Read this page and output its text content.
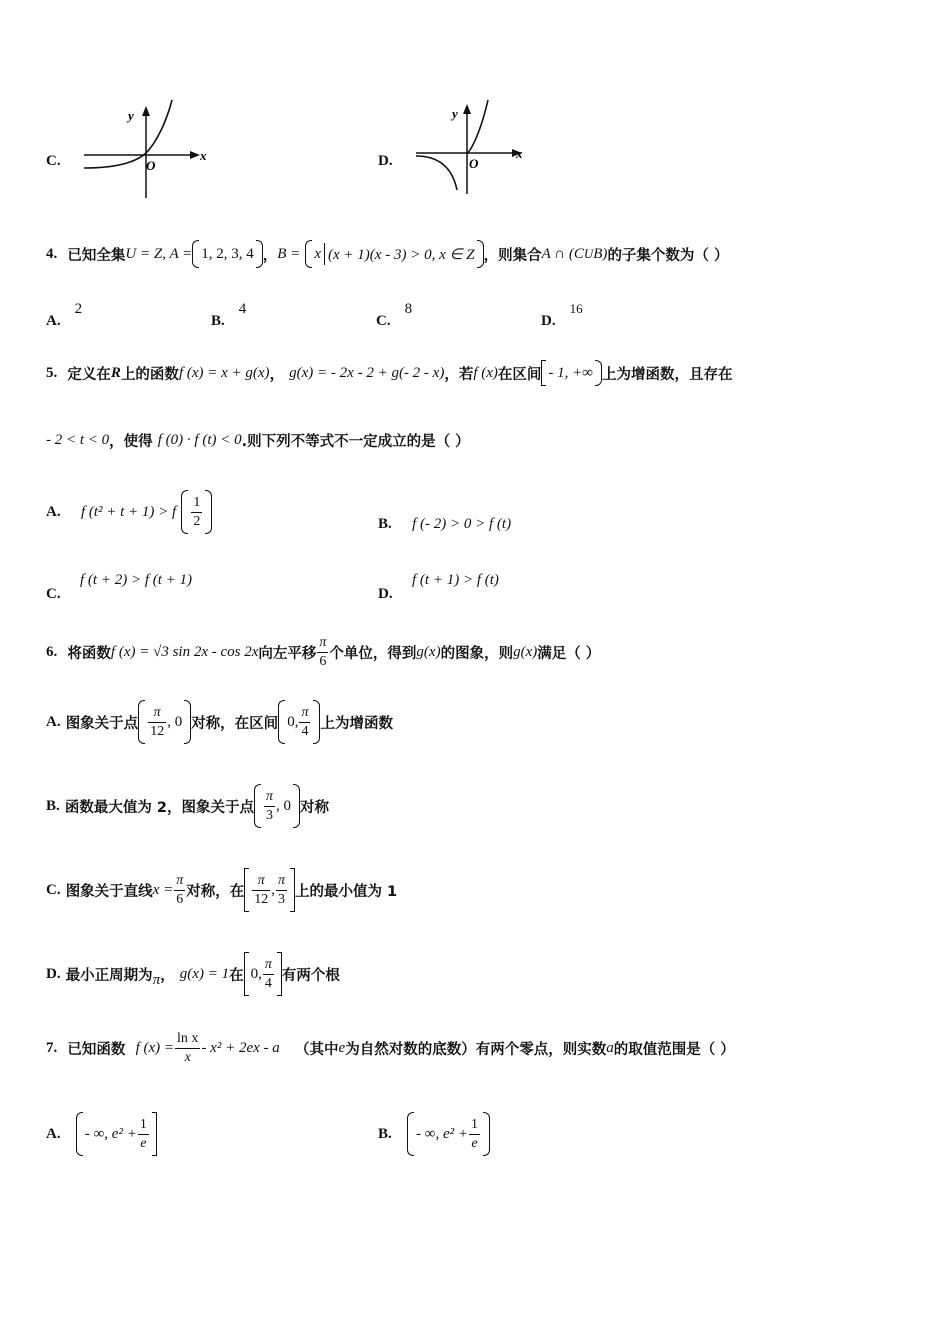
C.
y
x
O	D.
y
x
O
4.
已知全集 U = Z, A = 1, 2, 3, 4 ， B =
x (x + 1)(x - 3) > 0, x ∈ Z ，则集合 A ∩ (C U B) 的子集个数为（ ）
A.2
B.4
C.8
D.16
5.
定义在 R 上的函数 f (x) = x + g(x) ，
g(x) = - 2x - 2 + g(- 2 - x) ，若 f (x) 在区间 - 1, +∞ 上为增函数，且存在
- 2 < t < 0 ，使得
f (0) · f (t) < 0 .则下列不等式不一定成立的是（ ）
A.
f (t² + t + 1) > f
$\frac{1}{2}$	B.
f (- 2) > 0 > f (t)
f (t + 2) > f (t + 1)
C.
f (t + 1) > f (t)
D.
6.
将函数 f (x) = √3 sin 2x - cos 2x 向左平移 $\frac{\pi}{6}$ 个单位，得到 g(x) 的图象，则 g(x) 满足（ ）
A.
图象关于点 $\frac{\pi}{12}$ , 0 对称，在区间 0, $\frac{\pi}{4}$ 上为增函数
B.
函数最大值为 2，图象关于点 $\frac{\pi}{3}$ , 0 对称
C.
图象关于直线 $x = \frac{\pi}{6}$ 对称，在 $\frac{\pi}{12}$ , $\frac{\pi}{3}$ 上的最小值为 1
D.
最小正周期为 π ，
g(x) = 1 在 0, $\frac{\pi}{4}$ 有两个根
7.
已知函数
f $(x) = \frac{\text{ln x}}{x} - x^2 + 2ex - a$
（其中 e 为自然对数的底数）有两个零点，则实数 a 的取值范围是（ ）
A.
- ∞, $e^2 + \frac{1}{e}$	B.
- ∞, $e^2 + \frac{1}{e}$
